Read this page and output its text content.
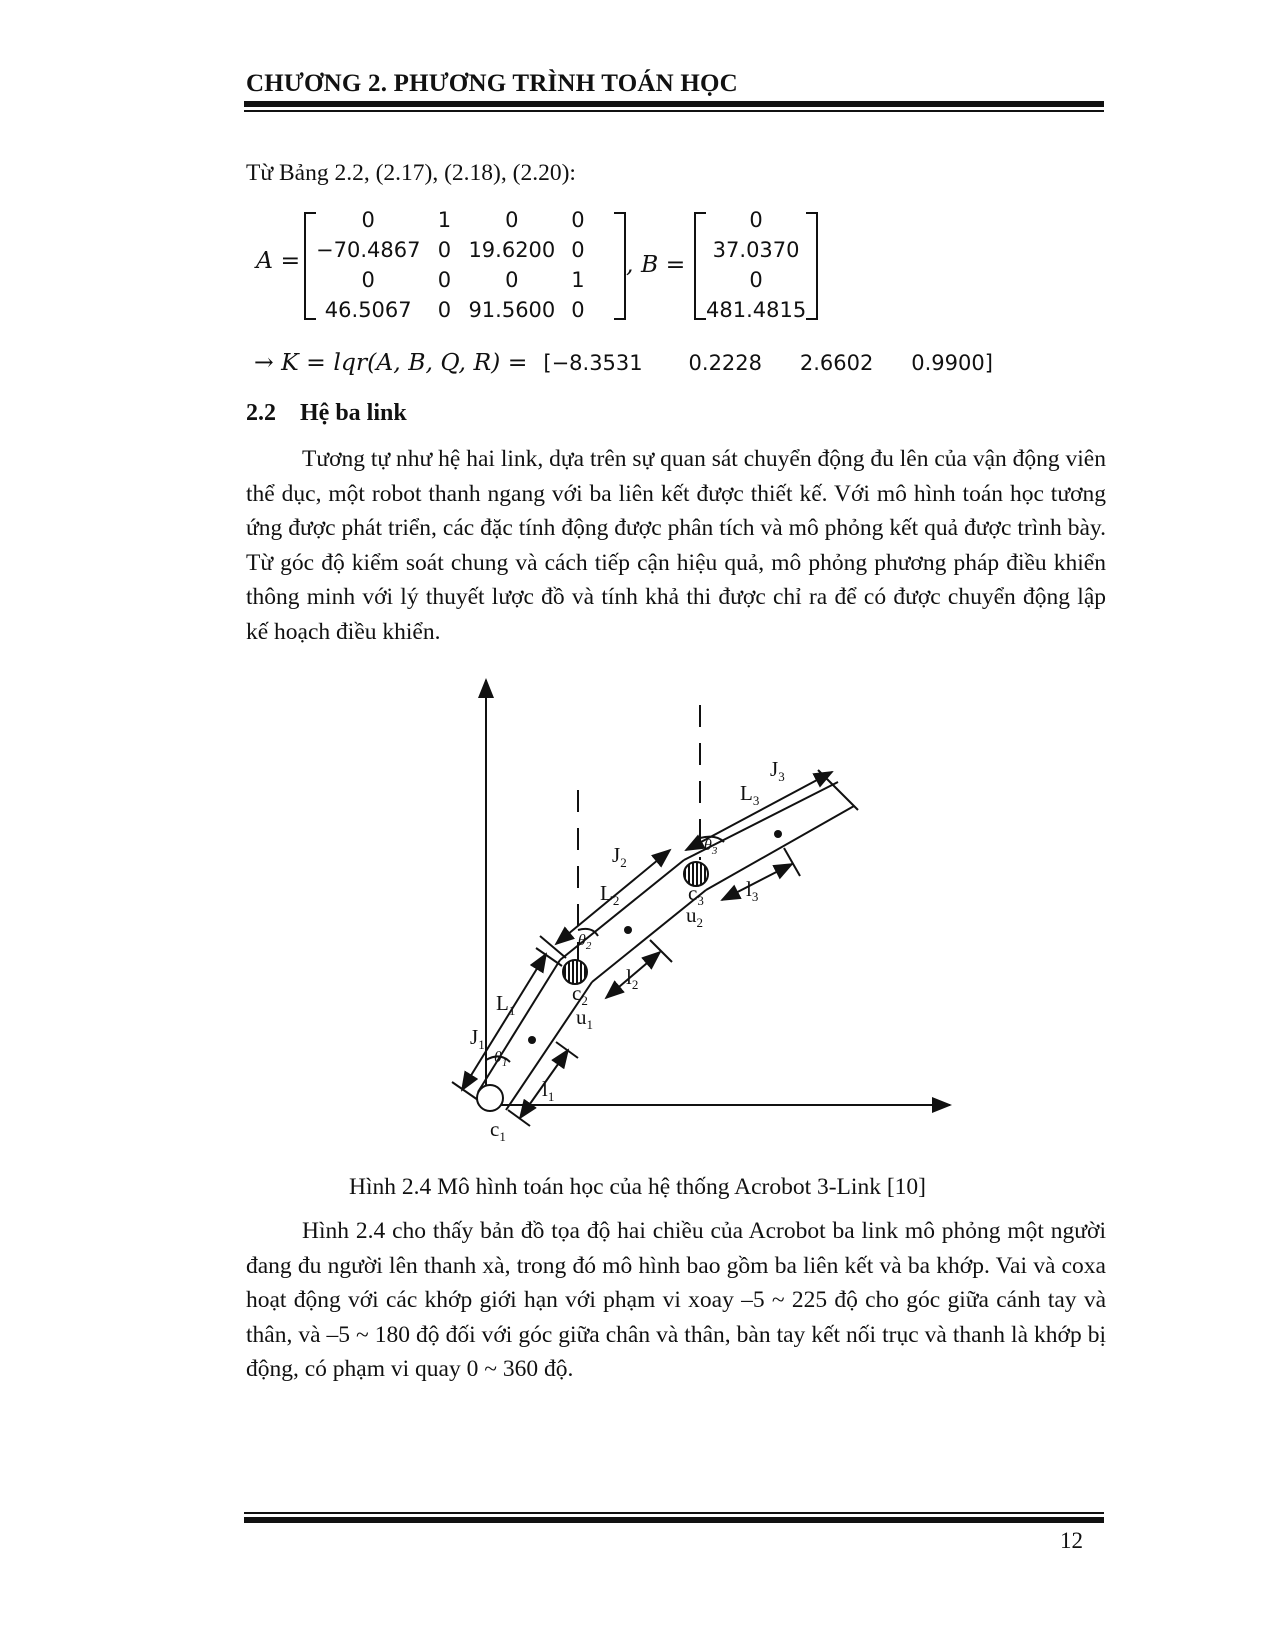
CHƯƠNG 2. PHƯƠNG TRÌNH TOÁN HỌC
Từ Bảng 2.2, (2.17), (2.18), (2.20):
A =
0	1	0	0
−70.4867	0	19.6200	0
0	0	0	1
46.5067	0	91.5600	0
, B =
0
37.0370
0
481.4815
→ K = lqr(A, B, Q, R) = [−8.3531 0.2228 2.6602 0.9900]
2.2 Hệ ba link
Tương tự như hệ hai link, dựa trên sự quan sát chuyển động đu lên của vận động viên thể dục, một robot thanh ngang với ba liên kết được thiết kế. Với mô hình toán học tương ứng được phát triển, các đặc tính động được phân tích và mô phỏng kết quả được trình bày. Từ góc độ kiểm soát chung và cách tiếp cận hiệu quả, mô phỏng phương pháp điều khiển thông minh với lý thuyết lược đồ và tính khả thi được chỉ ra để có được chuyển động lập kế hoạch điều khiển.
$J_1$
$L_1$
$\theta_1$
$l_1$
$c_1$
$J_2$
$L_2$
$\theta_2$
$l_2$
$c_2$
$u_1$
$J_3$
$L_3$
$\theta_3$
$l_3$
$c_3$
$u_2$
Hình 2.4 Mô hình toán học của hệ thống Acrobot 3-Link [10]
Hình 2.4 cho thấy bản đồ tọa độ hai chiều của Acrobot ba link mô phỏng một người đang đu người lên thanh xà, trong đó mô hình bao gồm ba liên kết và ba khớp. Vai và coxa hoạt động với các khớp giới hạn với phạm vi xoay –5 ~ 225 độ cho góc giữa cánh tay và thân, và –5 ~ 180 độ đối với góc giữa chân và thân, bàn tay kết nối trục và thanh là khớp bị động, có phạm vi quay 0 ~ 360 độ.
12
